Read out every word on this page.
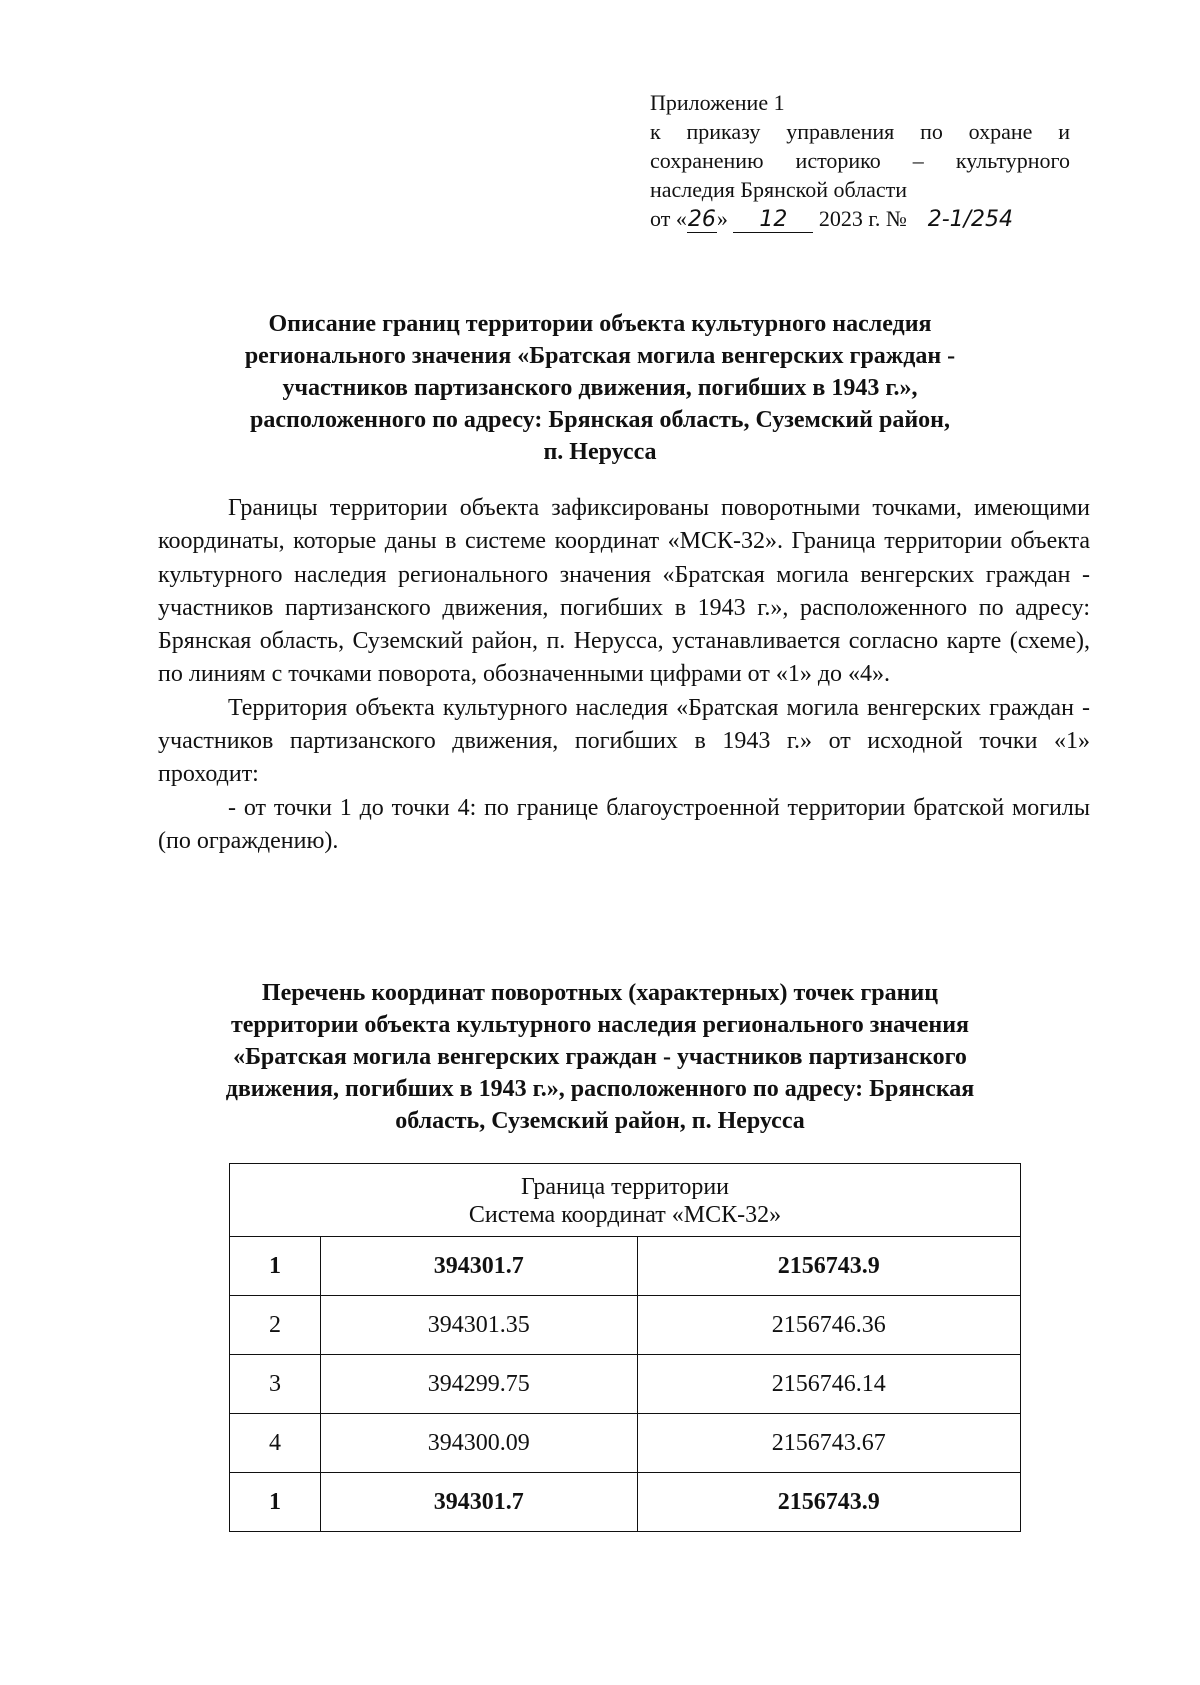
Приложение 1
к приказу управления по охране и
сохранению историко – культурного
наследия Брянской области
от «26» 12 2023 г. № 2-1/254
Описание границ территории объекта культурного наследия
регионального значения «Братская могила венгерских граждан -
участников партизанского движения, погибших в 1943 г.»,
расположенного по адресу: Брянская область, Суземский район,
п. Нерусса

Границы территории объекта зафиксированы поворотными точками, имеющими координаты, которые даны в системе координат «МСК-32». Граница территории объекта культурного наследия регионального значения «Братская могила венгерских граждан - участников партизанского движения, погибших в 1943 г.», расположенного по адресу: Брянская область, Суземский район, п. Нерусса, устанавливается согласно карте (схеме), по линиям с точками поворота, обозначенными цифрами от «1» до «4».

Территория объекта культурного наследия «Братская могила венгерских граждан - участников партизанского движения, погибших в 1943 г.» от исходной точки «1» проходит:

- от точки 1 до точки 4: по границе благоустроенной территории братской могилы (по ограждению).

Перечень координат поворотных (характерных) точек границ
территории объекта культурного наследия регионального значения
«Братская могила венгерских граждан - участников партизанского
движения, погибших в 1943 г.», расположенного по адресу: Брянская
область, Суземский район, п. Нерусса
Граница территории
Система координат «МСК-32»		

1	394301.7	2156743.9
2	394301.35	2156746.36
3	394299.75	2156746.14
4	394300.09	2156743.67
1	394301.7	2156743.9
